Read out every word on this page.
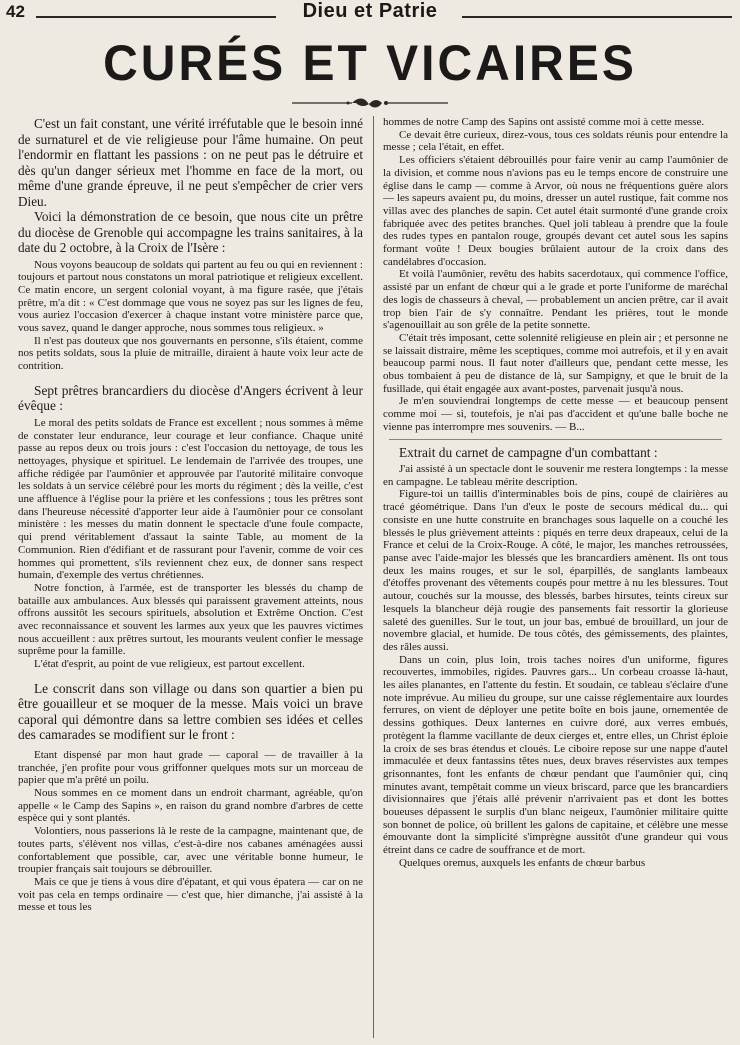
42	Dieu et Patrie
CURÉS ET VICAIRES

C'est un fait constant, une vérité irréfutable que le besoin inné de surnaturel et de vie religieuse pour l'âme humaine. On peut l'endormir en flattant les passions : on ne peut pas le détruire et dès qu'un danger sérieux met l'homme en face de la mort, ou même d'une grande épreuve, il ne peut s'empêcher de crier vers Dieu.

Voici la démonstration de ce besoin, que nous cite un prêtre du diocèse de Grenoble qui accompagne les trains sanitaires, à la date du 2 octobre, à la Croix de l'Isère :

Nous voyons beaucoup de soldats qui partent au feu ou qui en reviennent : toujours et partout nous constatons un moral patriotique et religieux excellent. Ce matin encore, un sergent colonial voyant, à ma figure rasée, que j'étais prêtre, m'a dit : « C'est dommage que vous ne soyez pas sur les lignes de feu, vous auriez l'occasion d'exercer à chaque instant votre ministère parce que, vous savez, quand le danger approche, nous sommes tous religieux. »

Il n'est pas douteux que nos gouvernants en personne, s'ils étaient, comme nos petits soldats, sous la pluie de mitraille, diraient à haute voix leur acte de contrition.

Sept prêtres brancardiers du diocèse d'Angers écrivent à leur évêque :

Le moral des petits soldats de France est excellent ; nous sommes à même de constater leur endurance, leur courage et leur confiance. Chaque unité passe au repos deux ou trois jours : c'est l'occasion du nettoyage, de tous les nettoyages, physique et spirituel. Le lendemain de l'arrivée des troupes, une affiche rédigée par l'aumônier et approuvée par l'autorité militaire convoque les soldats à un service célébré pour les morts du régiment ; dès la veille, c'est une affluence à l'église pour la prière et les confessions ; tous les prêtres sont dans l'heureuse nécessité d'apporter leur aide à l'aumônier pour ce consolant ministère : les messes du matin donnent le spectacle d'une foule compacte, qui prend véritablement d'assaut la sainte Table, au moment de la Communion. Rien d'édifiant et de rassurant pour l'avenir, comme de voir ces hommes qui promettent, s'ils reviennent chez eux, de donner sans respect humain, d'exemple des vertus chrétiennes.

Notre fonction, à l'armée, est de transporter les blessés du champ de bataille aux ambulances. Aux blessés qui paraissent gravement atteints, nous offrons aussitôt les secours spirituels, absolution et Extrême Onction. C'est avec reconnaissance et souvent les larmes aux yeux que les pauvres victimes nous accueillent : aux prêtres surtout, les mourants veulent confier le message suprême pour la famille.

L'état d'esprit, au point de vue religieux, est partout excellent.

Le conscrit dans son village ou dans son quartier a bien pu être gouailleur et se moquer de la messe. Mais voici un brave caporal qui démontre dans sa lettre combien ses idées et celles des camarades se modifient sur le front :

Etant dispensé par mon haut grade — caporal — de travailler à la tranchée, j'en profite pour vous griffonner quelques mots sur un morceau de papier que m'a prêté un poilu.

Nous sommes en ce moment dans un endroit charmant, agréable, qu'on appelle « le Camp des Sapins », en raison du grand nombre d'arbres de cette espèce qui y sont plantés.

Volontiers, nous passerions là le reste de la campagne, maintenant que, de toutes parts, s'élèvent nos villas, c'est-à-dire nos cabanes aménagées aussi confortablement que possible, car, avec une véritable bonne humeur, le troupier français sait toujours se débrouiller.

Mais ce que je tiens à vous dire d'épatant, et qui vous épatera — car on ne voit pas cela en temps ordinaire — c'est que, hier dimanche, j'ai assisté à la messe et tous les

hommes de notre Camp des Sapins ont assisté comme moi à cette messe.

Ce devait être curieux, direz-vous, tous ces soldats réunis pour entendre la messe ; cela l'était, en effet.

Les officiers s'étaient débrouillés pour faire venir au camp l'aumônier de la division, et comme nous n'avions pas eu le temps encore de construire une église dans le camp — comme à Arvor, où nous ne fréquentions guère alors — les sapeurs avaient pu, du moins, dresser un autel rustique, fait comme nos villas avec des planches de sapin. Cet autel était surmonté d'une grande croix fabriquée avec des petites branches. Quel joli tableau à prendre que la foule des rudes types en pantalon rouge, groupés devant cet autel sous les sapins formant voûte ! Deux bougies brûlaient autour de la croix dans des candélabres d'occasion.

Et voilà l'aumônier, revêtu des habits sacerdotaux, qui commence l'office, assisté par un enfant de chœur qui a le grade et porte l'uniforme de maréchal des logis de chasseurs à cheval, — probablement un ancien prêtre, car il avait trop bien l'air de s'y connaître. Pendant les prières, tout le monde s'agenouillait au son grêle de la petite sonnette.

C'était très imposant, cette solennité religieuse en plein air ; et personne ne se laissait distraire, même les sceptiques, comme moi autrefois, et il y en avait beaucoup parmi nous. Il faut noter d'ailleurs que, pendant cette messe, les obus tombaient à peu de distance de là, sur Sampigny, et que le bruit de la fusillade, qui était engagée aux avant-postes, parvenait jusqu'à nous.

Je m'en souviendrai longtemps de cette messe — et beaucoup pensent comme moi — si, toutefois, je n'ai pas d'accident et qu'une balle boche ne vienne pas interrompre mes souvenirs. — B...

Extrait du carnet de campagne d'un combattant :

J'ai assisté à un spectacle dont le souvenir me restera longtemps : la messe en campagne. Le tableau mérite description.

Figure-toi un taillis d'interminables bois de pins, coupé de clairières au tracé géométrique. Dans l'un d'eux le poste de secours médical du... qui consiste en une hutte construite en branchages sous laquelle on a couché les blessés le plus grièvement atteints : piqués en terre deux drapeaux, celui de la France et celui de la Croix-Rouge. A côté, le major, les manches retroussées, panse avec l'aide-major les blessés que les brancardiers amènent. Ils ont tous deux les mains rouges, et sur le sol, éparpillés, de sanglants lambeaux d'étoffes provenant des vêtements coupés pour mettre à nu les blessures. Tout autour, couchés sur la mousse, des blessés, barbes hirsutes, teints cireux sur lesquels la blancheur déjà rougie des pansements fait ressortir la glorieuse saleté des guenilles. Sur le tout, un jour bas, embué de brouillard, un jour de novembre glacial, et humide. De tous côtés, des gémissements, des plaintes, des râles aussi.

Dans un coin, plus loin, trois taches noires d'un uniforme, figures recouvertes, immobiles, rigides. Pauvres gars... Un corbeau croasse là-haut, les ailes planantes, en l'attente du festin. Et soudain, ce tableau s'éclaire d'une note imprévue. Au milieu du groupe, sur une caisse réglementaire aux lourdes ferrures, on vient de déployer une petite boîte en bois jaune, ornementée de dessins gothiques. Deux lanternes en cuivre doré, aux verres embués, protègent la flamme vacillante de deux cierges et, entre elles, un Christ éploie la croix de ses bras étendus et cloués. Le ciboire repose sur une nappe d'autel immaculée et deux fantassins têtes nues, deux braves réservistes aux tempes grisonnantes, font les enfants de chœur pendant que l'aumônier qui, cinq minutes avant, tempêtait comme un vieux briscard, parce que les brancardiers divisionnaires que j'étais allé prévenir n'arrivaient pas et dont les bottes boueuses dépassent le surplis d'un blanc neigeux, l'aumônier militaire quitte son bonnet de police, où brillent les galons de capitaine, et célèbre une messe émouvante dont la simplicité s'imprègne aussitôt d'une grandeur qui vous étreint dans ce cadre de souffrance et de mort.

Quelques oremus, auxquels les enfants de chœur barbus
